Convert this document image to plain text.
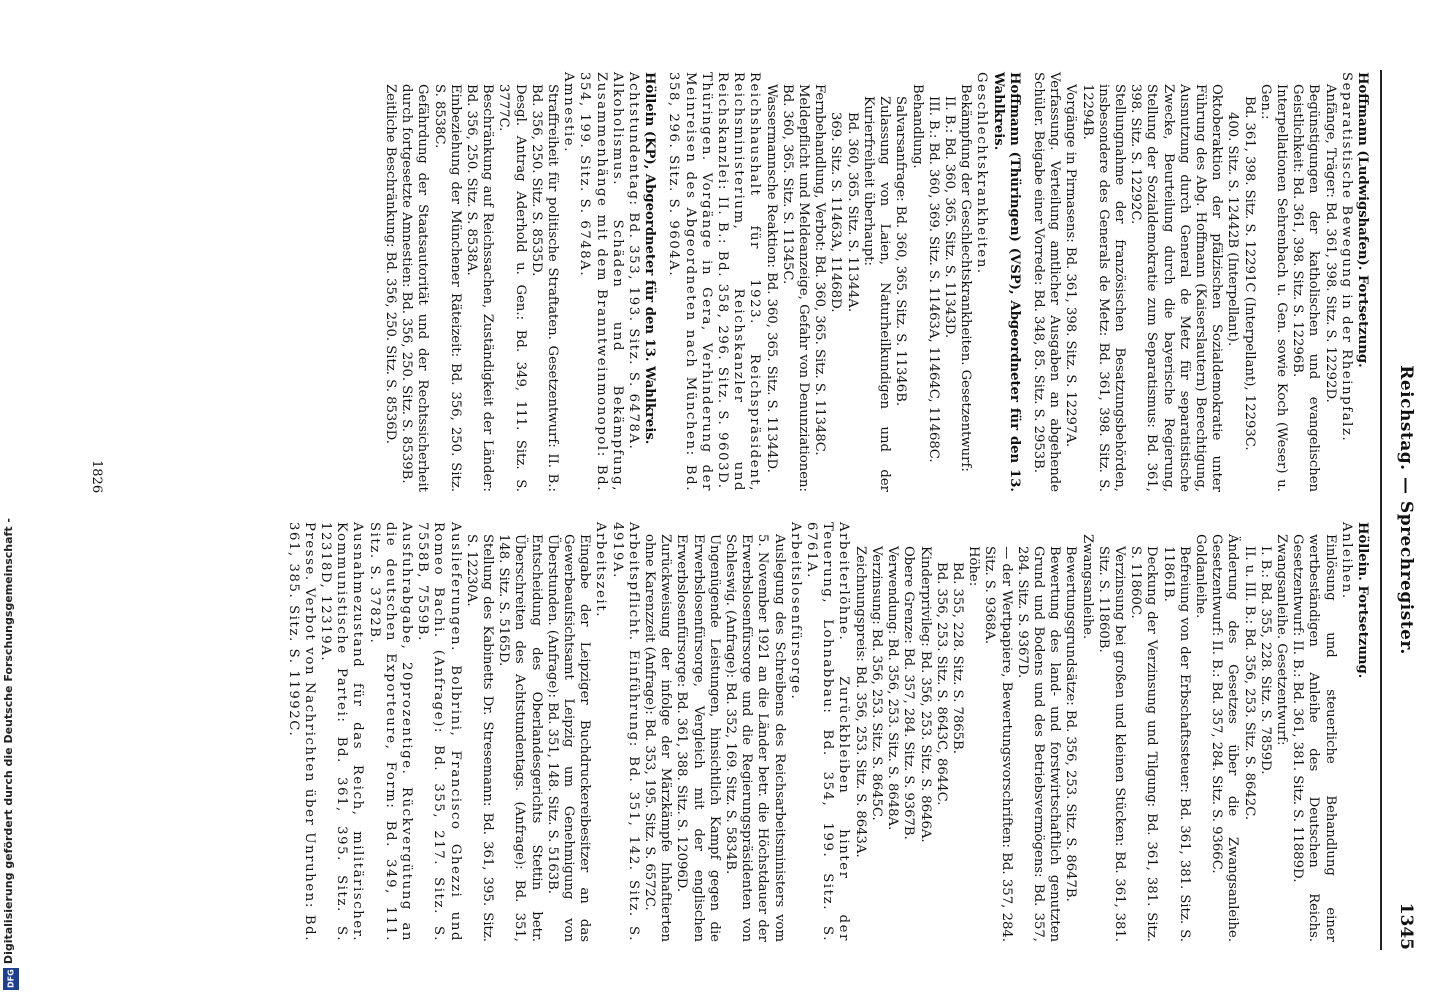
Reichstag. — Sprechregister.
1345

Hoffmann (Ludwigshafen). Fortsetzung.

Separatistische Bewegung in der Rheinpfalz.

Anfänge, Träger: Bd. 361, 398. Sitz. S. 12292D.

Begünstigungen der katholischen und evangelischen Geistlichkeit: Bd. 361, 398. Sitz. S. 12296B.

Interpellationen Sehrenbach u. Gen. sowie Koch (Weser) u. Gen.:

Bd. 361, 398. Sitz. S. 12291C (Interpellant), 12293C.

400. Sitz. S. 12442B (Interpellant).

Oktoberaktion der pfälzischen Sozialdemokratie unter Führung des Abg. Hoffmann (Kaiserslautern) Berechtigung, Ausnutzung durch General de Metz für separatistische Zwecke, Beurteilung durch die bayerische Regierung, Stellung der Sozialdemokratie zum Separatismus: Bd. 361, 398. Sitz. S. 12292C.

Stellungnahme der französischen Besatzungsbehörden, insbesondere des Generals de Metz: Bd. 361, 398. Sitz. S. 12294B.

Vorgänge in Pirmasens: Bd. 361, 398. Sitz. S. 12297A.

Verfassung. Verteilung amtlicher Ausgaben an abgehende Schüler. Beigabe einer Vorrede: Bd. 348, 85. Sitz. S. 2953B.

Hoffmann (Thüringen) (VSP), Abgeordneter für den 13. Wahlkreis.

Geschlechtskrankheiten.

Bekämpfung der Geschlechtskrankheiten. Gesetzentwurf:

II. B.: Bd. 360, 365. Sitz. S. 11343D.

III. B.: Bd. 360, 369. Sitz. S. 11463A, 11464C, 11468C.

Behandlung.

Salvarsanfrage: Bd. 360, 365. Sitz. S. 11346B.

Zulassung von Laien, Naturheilkundigen und der Kurierfreiheit überhaupt:

Bd. 360, 365. Sitz. S. 11344A.

369. Sitz. S. 11463A, 11468D.

Fernbehandlung, Verbot: Bd. 360, 365. Sitz. S. 11348C.

Meldepflicht und Meldeanzeige, Gefahr von Denunziationen: Bd. 360, 365. Sitz. S. 11345C.

Wassermannsche Reaktion: Bd. 360, 365. Sitz. S. 11344D.

Reichshaushalt für 1923. Reichspräsident, Reichsministerium, Reichskanzler und Reichskanzlei: II. B.: Bd. 358, 296. Sitz. S. 9603D.

Thüringen. Vorgänge in Gera, Verhinderung der Meinreisen des Abgeordneten nach München: Bd. 358, 296. Sitz. S. 9604A.

Höllein (KP), Abgeordneter für den 13. Wahlkreis.

Achtstundentag: Bd. 353, 193. Sitz. S. 6478A.

Alkoholismus. Schäden und Bekämpfung, Zusammenhänge mit dem Branntweinmonopol: Bd. 354, 199. Sitz. S. 6748A.

Amnestie.

Straffreiheit für politische Straftaten. Gesetzentwurf: II. B.: Bd. 356, 250. Sitz. S. 8535D.

Desgl. Antrag Aderhold u. Gen.: Bd. 349, 111. Sitz. S. 3777C.

Beschränkung auf Reichssachen, Zuständigkeit der Länder: Bd. 356, 250. Sitz. S. 8538A.

Einbeziehung der Münchener Räteizeit: Bd. 356, 250. Sitz. S. 8538C.

Gefährdung der Staatsautorität und der Rechtssicherheit durch fortgesetzte Amnestien: Bd. 356, 250. Sitz. S. 8539B.

Zeitliche Beschränkung: Bd. 356, 250. Sitz. S. 8536D.

Höllein. Fortsetzung.

Anleihen.

Einlösung und steuerliche Behandlung einer wertbeständigen Anleihe des Deutschen Reichs. Gesetzentwurf: II. B.: Bd. 361, 381. Sitz. S. 11889D.

Zwangsanleihe. Gesetzentwurf:

I. B.: Bd. 355, 228. Sitz. S. 7859D.

II. u. III. B.: Bd. 356, 253. Sitz. S. 8642C.

Änderung des Gesetzes über die Zwangsanleihe. Gesetzentwurf: II. B.: Bd. 357, 284. Sitz. S. 9366C.

Goldanleihe.

Befreiung von der Erbschaftssteuer: Bd. 361, 381. Sitz. S. 11861B.

Deckung der Verzinsung und Tilgung: Bd. 361, 381. Sitz. S. 11860C.

Verzinsung bei großen und kleinen Stücken: Bd. 361, 381. Sitz. S. 11860B.

Zwangsanleihe.

Bewertungsgrundsätze: Bd. 356, 253. Sitz. S. 8647B.

Bewertung des land- und forstwirtschaftlich genutzten Grund und Bodens und des Betriebsvermögens: Bd. 357, 284. Sitz. S. 9367D.

— der Wertpapiere, Bewertungsvorschriften: Bd. 357, 284. Sitz. S. 9368A.

Höhe:

Bd. 355, 228. Sitz. S. 7865B.

Bd. 356, 253. Sitz. S. 8643C, 8644C.

Kinderprivileg: Bd. 356, 253. Sitz. S. 8646A.

Obere Grenze: Bd. 357, 284. Sitz. S. 9367B.

Verwendung: Bd. 356, 253. Sitz. S. 8648A.

Verzinsung: Bd. 356, 253. Sitz. S. 8645C.

Zeichnungspreis: Bd. 356, 253. Sitz. S. 8643A.

Arbeiterlöhne. Zurückbleiben hinter der Teuerung, Lohnabbau: Bd. 354, 199. Sitz. S. 6761A.

Arbeitslosenfürsorge.

Auslegung des Schreibens des Reichsarbeitsministers vom 5. November 1921 an die Länder betr. die Höchstdauer der Erwerbslosenfürsorge und die Regierungspräsidenten von Schleswig. (Anfrage): Bd. 352, 169. Sitz. S. 5834B.

Ungenügende Leistungen, hinsichtlich Kampf gegen die Erwerbslosenfürsorge, Vergleich mit der englischen Erwerbslosenfürsorge: Bd. 361, 388. Sitz. S. 12096D.

Zurückweisung der infolge der Märzkämpfe Inhaftierten ohne Karenzzeit (Anfrage): Bd. 353, 195. Sitz. S. 6572C.

Arbeitspflicht. Einführung: Bd. 351, 142. Sitz. S. 4919A.

Arbeitszeit.

Eingabe der Leipziger Buchdruckereibesitzer an das Gewerbeaufsichtsamt Leipzig um Genehmigung von Überstunden. (Anfrage): Bd. 351, 148. Sitz. S. 5163B.

Entscheidung des Oberlandesgerichts Stettin betr. Überschreiten des Achtstundentags. (Anfrage): Bd. 351, 148. Sitz. S. 5165D.

Stellung des Kabinetts Dr. Stresemann: Bd. 361, 395. Sitz. S. 12230A.

Auslieferungen. Bolbrini, Francisco Ghezzi und Romeo Bachi. (Anfrage): Bd. 355, 217. Sitz. S. 7558B, 7559B.

Ausfuhrabgabe, 20prozentige. Rückvergütung an die deutschen Exporteure, Form: Bd. 349, 111. Sitz. S. 3782B.

Ausnahmezustand für das Reich, militärischer. Kommunistische Partei: Bd. 361, 395. Sitz. S. 12318D, 12319A.

Presse. Verbot von Nachrichten über Unruhen: Bd. 361, 385. Sitz. S. 11992C.

1826
DFG
Digitalisierung gefördert durch die Deutsche Forschungsgemeinschaft -
